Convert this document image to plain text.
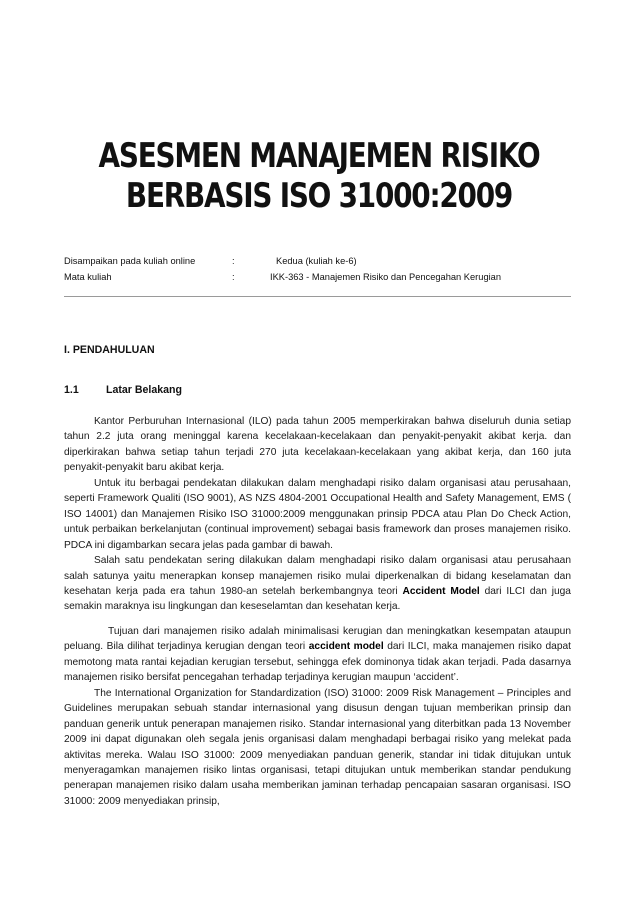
ASESMEN MANAJEMEN RISIKO
BERBASIS ISO 31000:2009
Disampaikan pada kuliah online	:	Kedua (kuliah ke-6)
Mata kuliah	:	IKK-363 - Manajemen Risiko dan Pencegahan Kerugian
I. PENDAHULUAN
1.1	Latar Belakang

Kantor Perburuhan Internasional (ILO) pada tahun 2005 memperkirakan bahwa diseluruh dunia setiap tahun 2.2 juta orang meninggal karena kecelakaan-kecelakaan dan penyakit-penyakit akibat kerja. dan diperkirakan bahwa setiap tahun terjadi 270 juta kecelakaan-kecelakaan yang akibat kerja, dan 160 juta penyakit-penyakit baru akibat kerja.

Untuk itu berbagai pendekatan dilakukan dalam menghadapi risiko dalam organisasi atau perusahaan, seperti Framework Qualiti (ISO 9001), AS NZS 4804-2001 Occupational Health and Safety Management, EMS ( ISO 14001) dan Manajemen Risiko ISO 31000:2009 menggunakan prinsip PDCA atau Plan Do Check Action, untuk perbaikan berkelanjutan (continual improvement) sebagai basis framework dan proses manajemen risiko. PDCA ini digambarkan secara jelas pada gambar di bawah.

Salah satu pendekatan sering dilakukan dalam menghadapi risiko dalam organisasi atau perusahaan salah satunya yaitu menerapkan konsep manajemen risiko mulai diperkenalkan di bidang keselamatan dan kesehatan kerja pada era tahun 1980-an setelah berkembangnya teori Accident Model dari ILCI dan juga semakin maraknya isu lingkungan dan keseselamtan dan kesehatan kerja.

Tujuan dari manajemen risiko adalah minimalisasi kerugian dan meningkatkan kesempatan ataupun peluang. Bila dilihat terjadinya kerugian dengan teori accident model dari ILCI, maka manajemen risiko dapat memotong mata rantai kejadian kerugian tersebut, sehingga efek dominonya tidak akan terjadi. Pada dasarnya manajemen risiko bersifat pencegahan terhadap terjadinya kerugian maupun ‘accident’.

The International Organization for Standardization (ISO) 31000: 2009 Risk Management – Principles and Guidelines merupakan sebuah standar internasional yang disusun dengan tujuan memberikan prinsip dan panduan generik untuk penerapan manajemen risiko. Standar internasional yang diterbitkan pada 13 November 2009 ini dapat digunakan oleh segala jenis organisasi dalam menghadapi berbagai risiko yang melekat pada aktivitas mereka. Walau ISO 31000: 2009 menyediakan panduan generik, standar ini tidak ditujukan untuk menyeragamkan manajemen risiko lintas organisasi, tetapi ditujukan untuk memberikan standar pendukung penerapan manajemen risiko dalam usaha memberikan jaminan terhadap pencapaian sasaran organisasi. ISO 31000: 2009 menyediakan prinsip,
